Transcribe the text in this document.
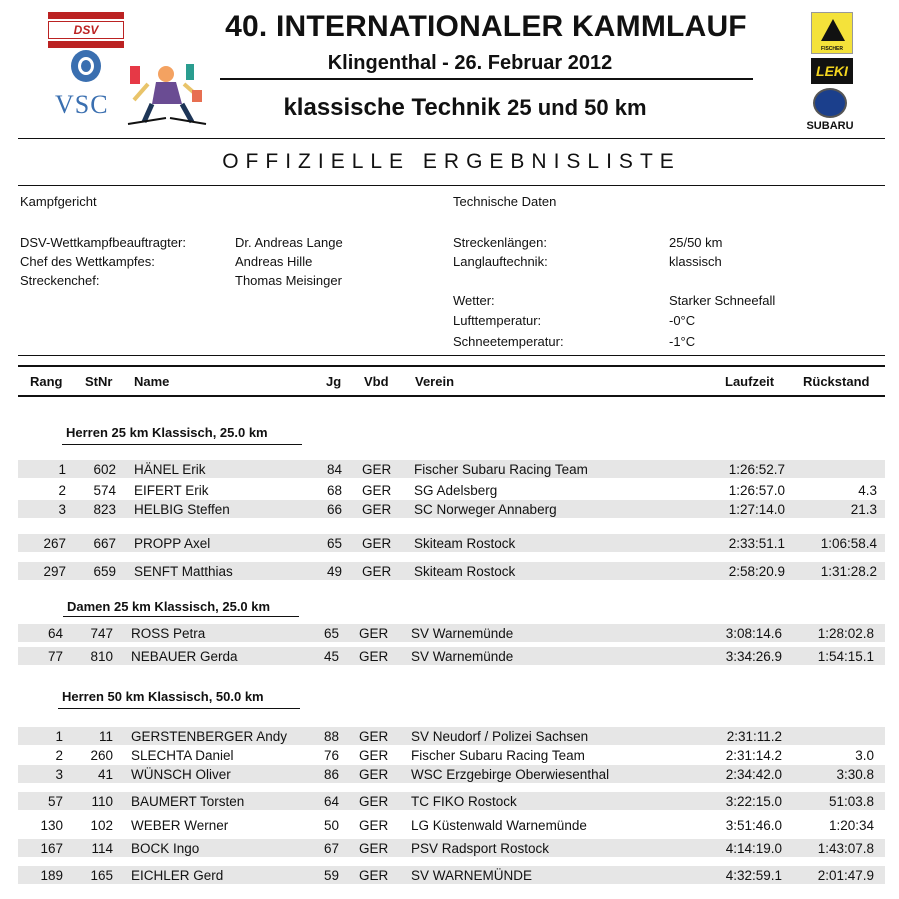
40. INTERNATIONALER KAMMLAUF
Klingenthal - 26. Februar 2012
klassische Technik 25 und 50 km
DSV
VSC
FISCHER
LEKI
SUBARU
OFFIZIELLE ERGEBNISLISTE
Kampfgericht	Technische Daten
DSV-Wettkampfbeauftragter:	Dr. Andreas Lange
Chef des Wettkampfes:	Andreas Hille
Streckenchef:	Thomas Meisinger
Streckenlängen:	25/50 km
Langlauftechnik:	klassisch
Wetter:	Starker Schneefall
Lufttemperatur:	-0°C
Schneetemperatur:	-1°C
Rang StNr Name	Jg Vbd Verein	Laufzeit Rückstand
Herren 25 km Klassisch, 25.0 km
Damen 25 km Klassisch, 25.0 km
Herren 50 km Klassisch, 50.0 km
1	602 HÄNEL Erik	84 GER	Fischer Subaru Racing Team	1:26:52.7
2	574 EIFERT Erik	68 GER	SG Adelsberg	1:26:57.0	4.3
3	823 HELBIG Steffen	66 GER	SC Norweger Annaberg	1:27:14.0	21.3
267	667 PROPP Axel	65 GER	Skiteam Rostock	2:33:51.1	1:06:58.4
297	659 SENFT Matthias	49 GER	Skiteam Rostock	2:58:20.9	1:31:28.2
64	747 ROSS Petra	65 GER	SV Warnemünde	3:08:14.6	1:28:02.8
77	810 NEBAUER Gerda	45 GER	SV Warnemünde	3:34:26.9	1:54:15.1
1	11 GERSTENBERGER Andy	88 GER	SV Neudorf / Polizei Sachsen	2:31:11.2
2	260 SLECHTA Daniel	76 GER	Fischer Subaru Racing Team	2:31:14.2	3.0
3	41 WÜNSCH Oliver	86 GER	WSC Erzgebirge Oberwiesenthal	2:34:42.0	3:30.8
57	110 BAUMERT Torsten	64 GER	TC FIKO Rostock	3:22:15.0	51:03.8
130	102 WEBER Werner	50 GER	LG Küstenwald Warnemünde	3:51:46.0	1:20:34
167	114 BOCK Ingo	67 GER	PSV Radsport Rostock	4:14:19.0	1:43:07.8
189	165 EICHLER Gerd	59 GER	SV WARNEMÜNDE	4:32:59.1	2:01:47.9
